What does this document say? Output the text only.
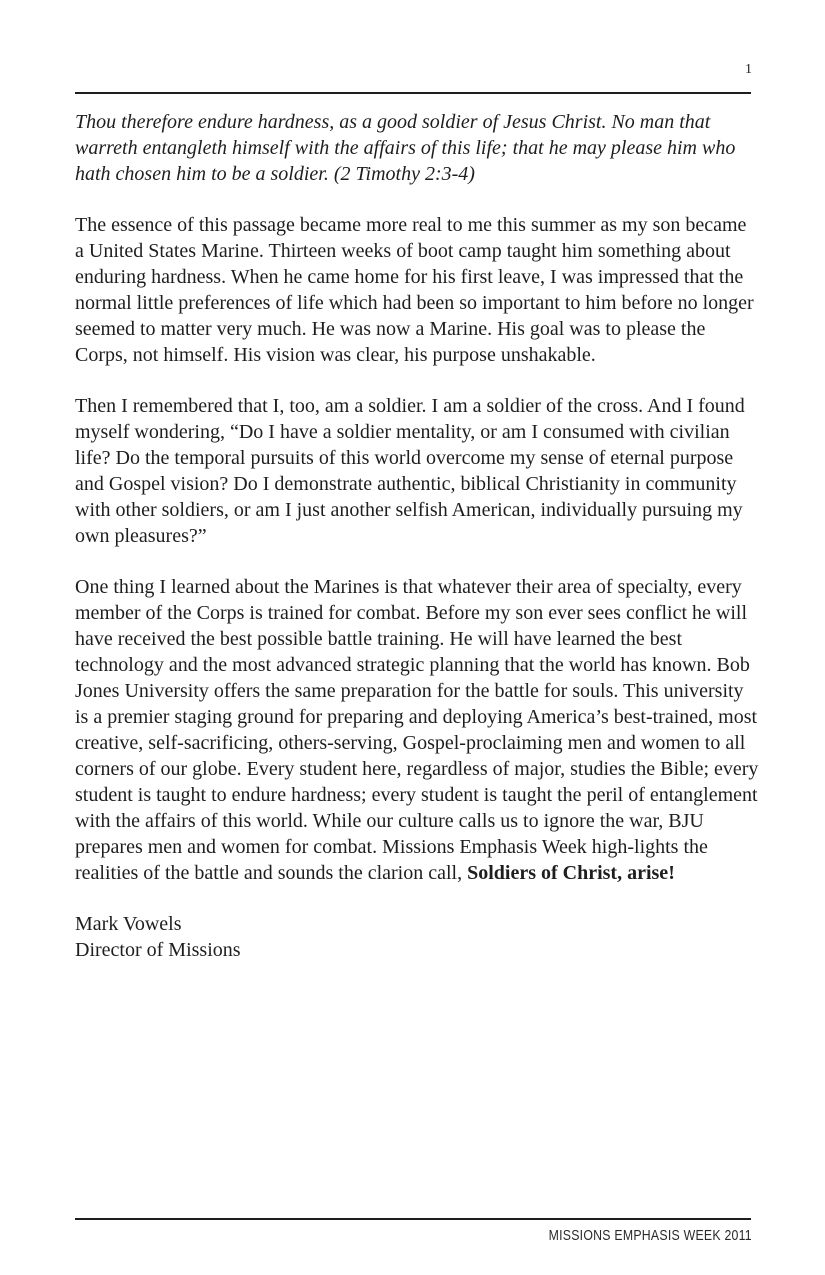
1

Thou therefore endure hardness, as a good soldier of Jesus Christ. No man that warreth entangleth himself with the affairs of this life; that he may please him who hath chosen him to be a soldier. (2 Timothy 2:3-4)

The essence of this passage became more real to me this summer as my son became a United States Marine. Thirteen weeks of boot camp taught him something about enduring hardness. When he came home for his first leave, I was impressed that the normal little preferences of life which had been so important to him before no longer seemed to matter very much. He was now a Marine. His goal was to please the Corps, not himself. His vision was clear, his purpose unshakable.

Then I remembered that I, too, am a soldier. I am a soldier of the cross. And I found myself wondering, “Do I have a soldier mentality, or am I consumed with civilian life? Do the temporal pursuits of this world overcome my sense of eternal purpose and Gospel vision? Do I demonstrate authentic, biblical Christianity in community with other soldiers, or am I just another selfish American, individually pursuing my own pleasures?”

One thing I learned about the Marines is that whatever their area of specialty, every member of the Corps is trained for combat. Before my son ever sees conflict he will have received the best possible battle training. He will have learned the best technology and the most advanced strategic planning that the world has known. Bob Jones University offers the same preparation for the battle for souls. This university is a premier staging ground for preparing and deploying America’s best-trained, most creative, self-sacrificing, others-serving, Gospel-proclaiming men and women to all corners of our globe. Every student here, regardless of major, studies the Bible; every student is taught to endure hardness; every student is taught the peril of entanglement with the affairs of this world. While our culture calls us to ignore the war, BJU prepares men and women for combat. Missions Emphasis Week high-lights the realities of the battle and sounds the clarion call, Soldiers of Christ, arise!

Mark Vowels
Director of Missions
MISSIONS EMPHASIS WEEK 2011
